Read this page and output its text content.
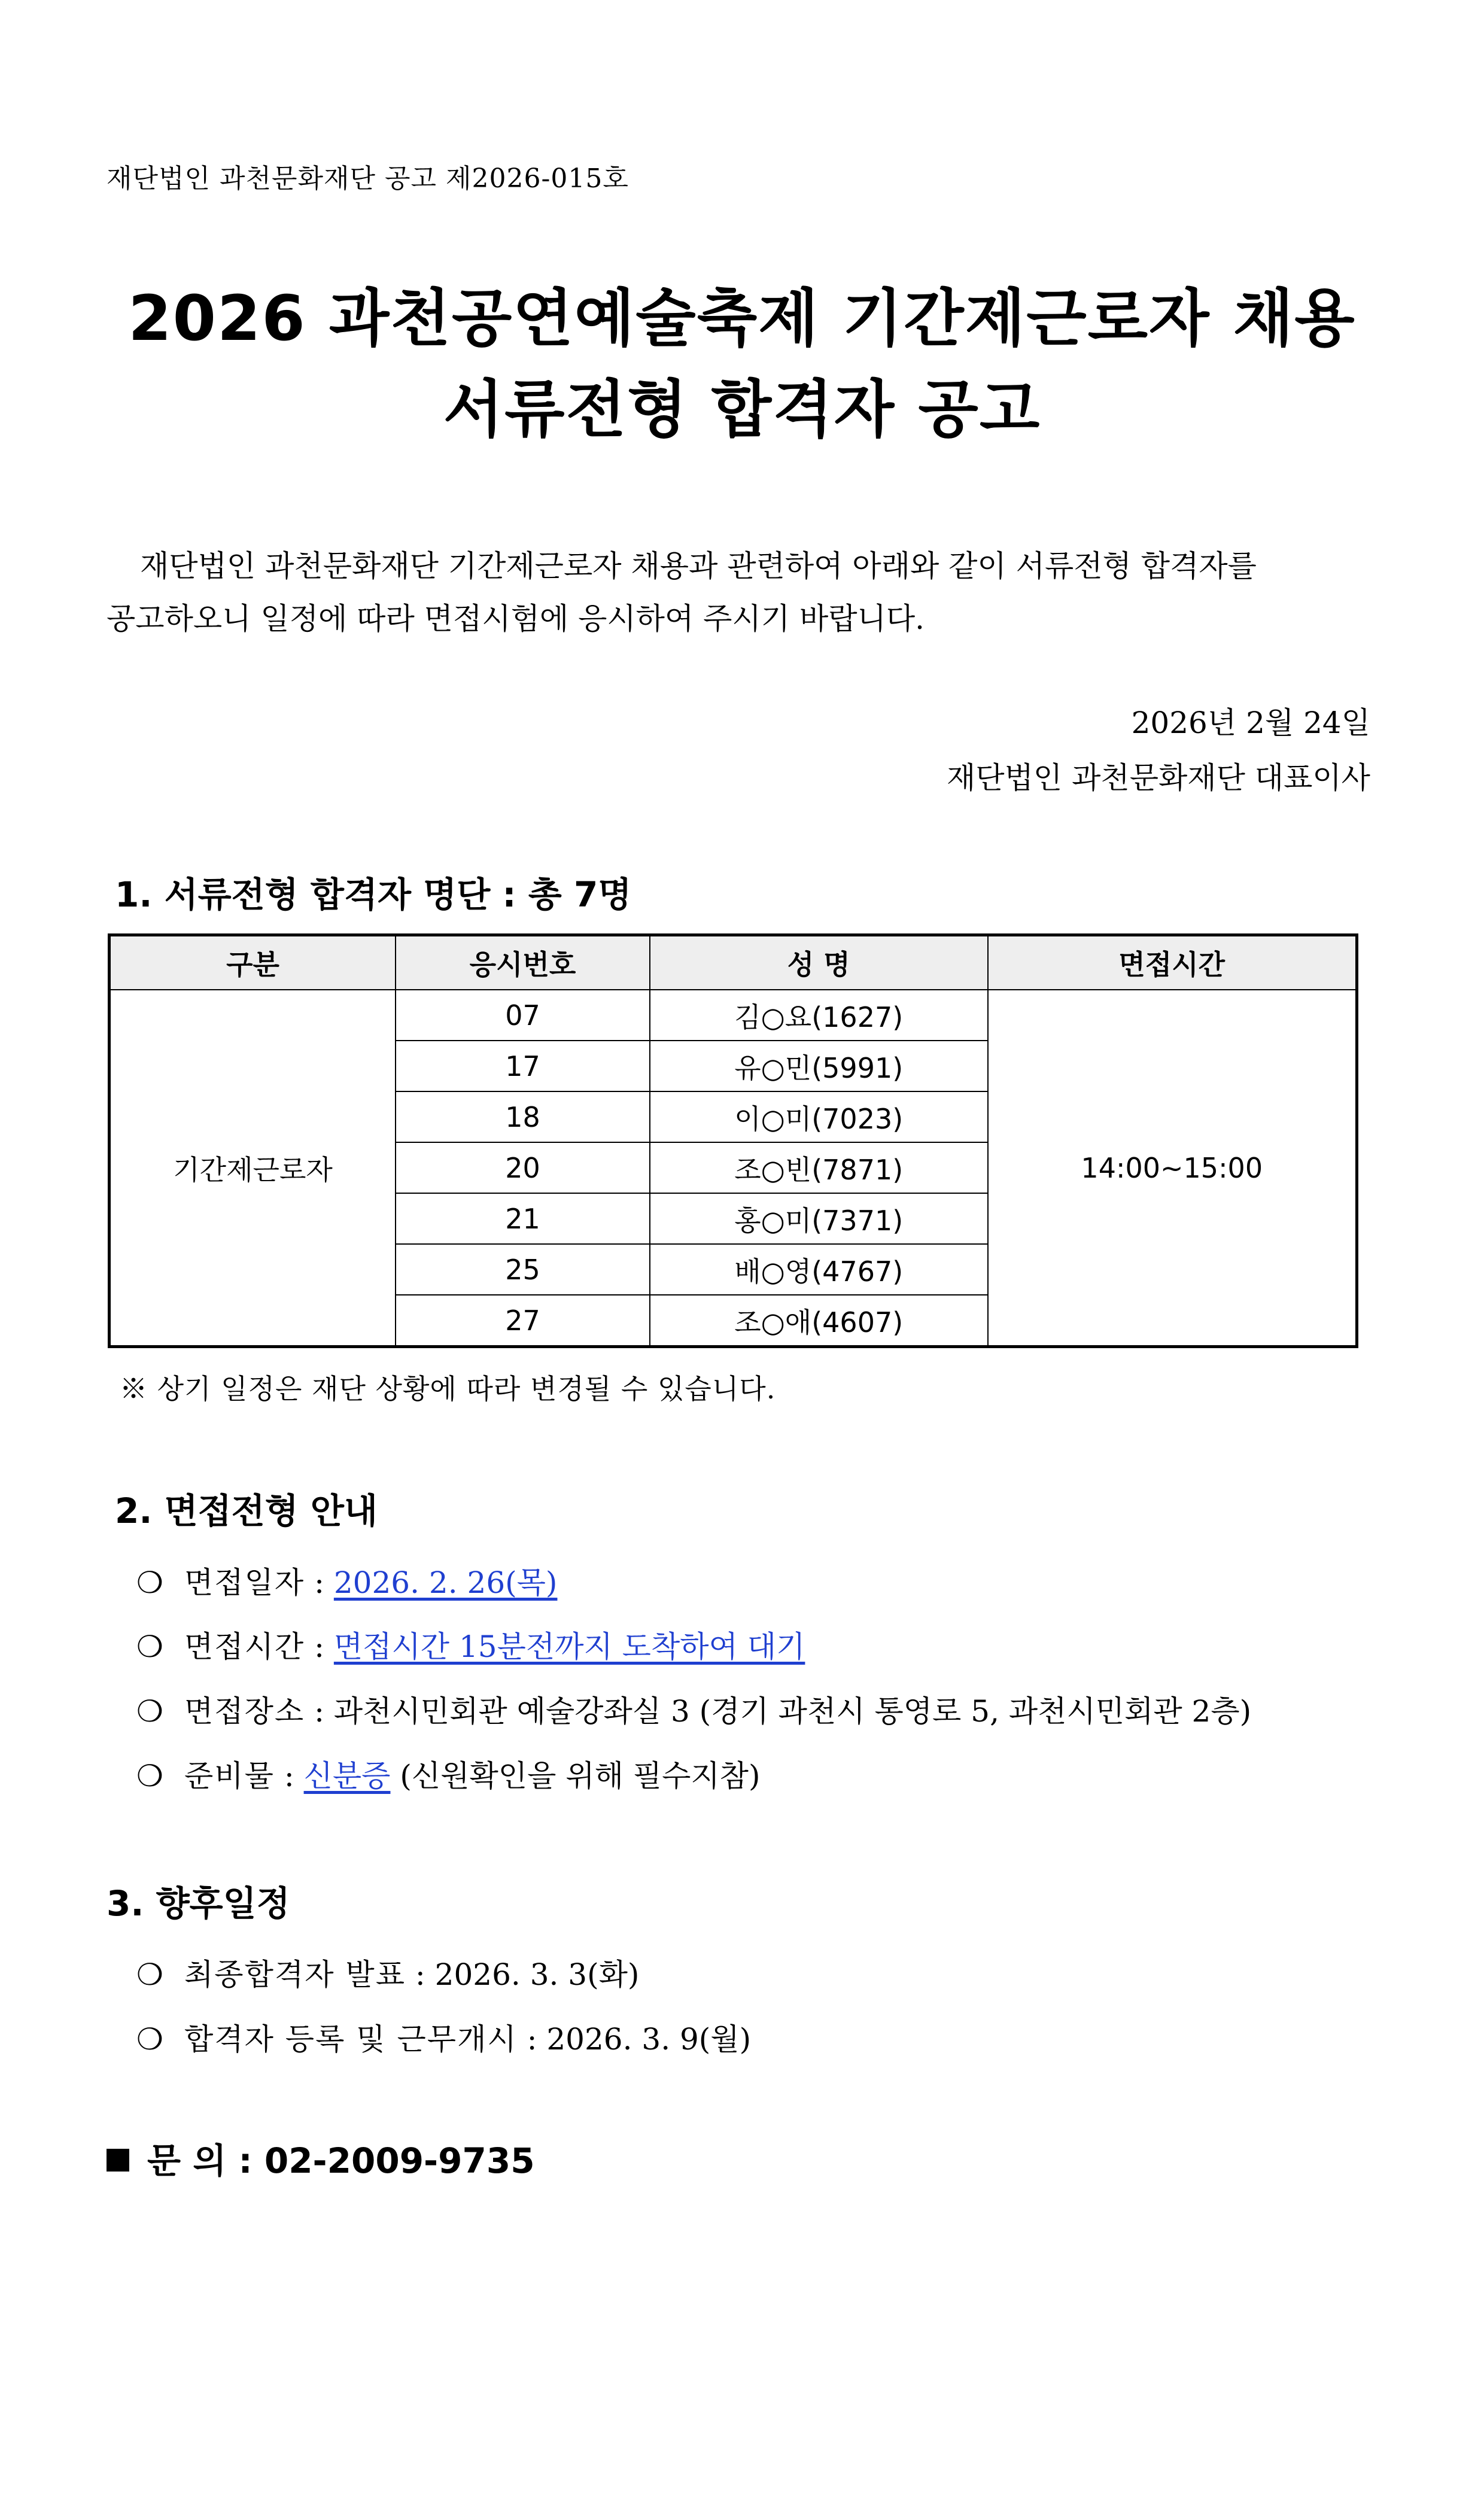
재단법인 과천문화재단 공고 제2026-015호
2026 과천공연예술축제 기간제근로자 채용
서류전형 합격자 공고

재단법인 과천문화재단 기간제근로자 채용과 관련하여 아래와 같이 서류전형 합격자를

공고하오니 일정에 따라 면접시험에 응시하여 주시기 바랍니다.

2026년 2월 24일
재단법인 과천문화재단 대표이사
1. 서류전형 합격자 명단 : 총 7명
구분	응시번호	성 명	면접시간
기간제근로자	07	김○요(1627)	14:00~15:00
	17	유○민(5991)	
	18	이○미(7023)	
	20	조○빈(7871)	
	21	홍○미(7371)	
	25	배○영(4767)	
	27	조○애(4607)	
※ 상기 일정은 재단 상황에 따라 변경될 수 있습니다.
2. 면접전형 안내
❍ 면접일자 : 2026. 2. 26(목)
❍ 면접시간 : 면접시간 15분전까지 도착하여 대기
❍ 면접장소 : 과천시민회관 예술강좌실 3 (경기 과천시 통영로 5, 과천시민회관 2층)
❍ 준비물 : 신분증 (신원확인을 위해 필수지참)
3. 향후일정
❍ 최종합격자 발표 : 2026. 3. 3(화)
❍ 합격자 등록 및 근무개시 : 2026. 3. 9(월)
문 의 : 02-2009-9735
